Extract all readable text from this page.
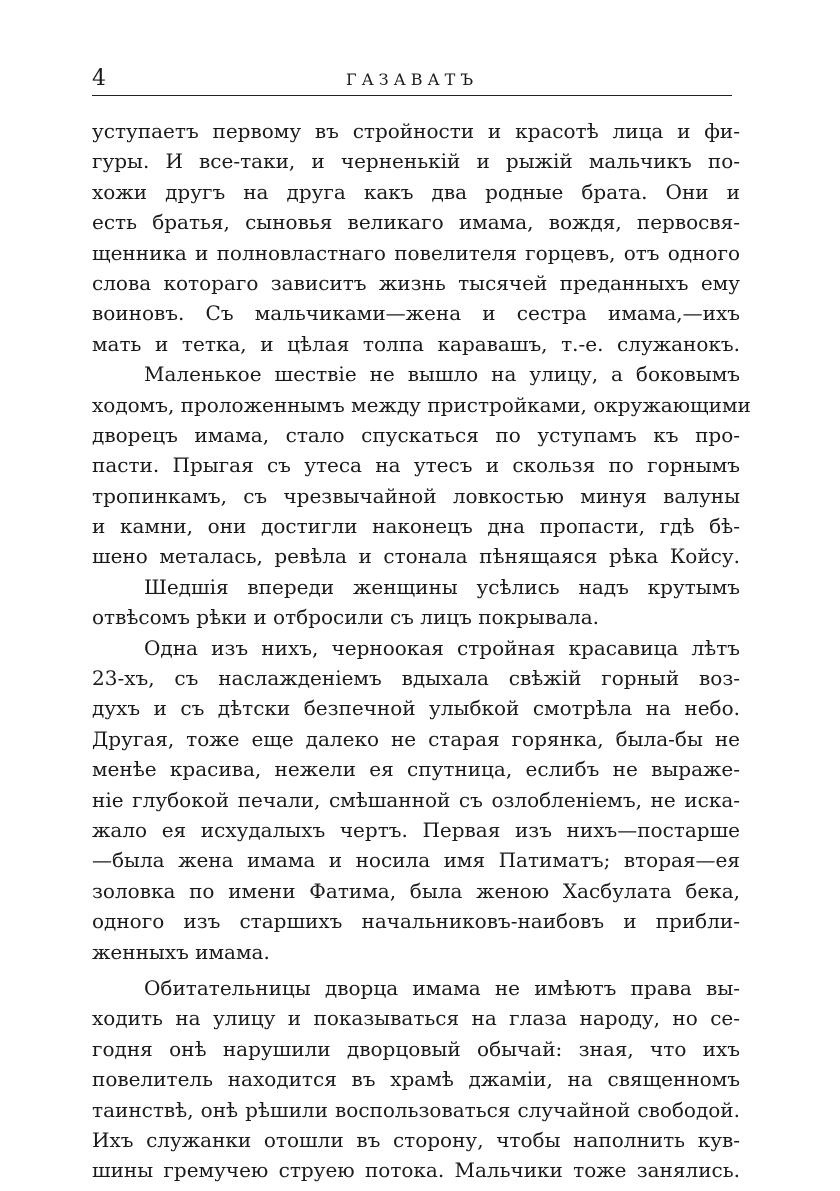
4	ГАЗАВАТЪ
уступаетъ первому въ стройности и красотѣ лица и фи-
гуры. И все-таки, и черненькій и рыжій мальчикъ по-
хожи другъ на друга какъ два родные брата. Они и
есть братья, сыновья великаго имама, вождя, первосвя-
щенника и полновластнаго повелителя горцевъ, отъ одного
слова котораго зависитъ жизнь тысячей преданныхъ ему
воиновъ. Съ мальчиками—жена и сестра имама,—ихъ
мать и тетка, и цѣлая толпа каравашъ, т.-е. служанокъ.
Маленькое шествіе не вышло на улицу, а боковымъ
ходомъ, проложеннымъ между пристройками, окружающими
дворецъ имама, стало спускаться по уступамъ къ про-
пасти. Прыгая съ утеса на утесъ и скользя по горнымъ
тропинкамъ, съ чрезвычайной ловкостью минуя валуны
и камни, они достигли наконецъ дна пропасти, гдѣ бѣ-
шено металась, ревѣла и стонала пѣнящаяся рѣка Койсу.
Шедшія впереди женщины усѣлись надъ крутымъ
отвѣсомъ рѣки и отбросили съ лицъ покрывала.
Одна изъ нихъ, черноокая стройная красавица лѣтъ
23-хъ, съ наслажденіемъ вдыхала свѣжій горный воз-
духъ и съ дѣтски безпечной улыбкой смотрѣла на небо.
Другая, тоже еще далеко не старая горянка, была-бы не
менѣе красива, нежели ея спутница, еслибъ не выраже-
ніе глубокой печали, смѣшанной съ озлобленіемъ, не иска-
жало ея исхудалыхъ чертъ. Первая изъ нихъ—постарше
—была жена имама и носила имя Патиматъ; вторая—ея
золовка по имени Фатима, была женою Хасбулата бека,
одного изъ старшихъ начальниковъ-наибовъ и прибли-
женныхъ имама.
Обитательницы дворца имама не имѣютъ права вы-
ходить на улицу и показываться на глаза народу, но се-
годня онѣ нарушили дворцовый обычай: зная, что ихъ
повелитель находится въ храмѣ джаміи, на священномъ
таинствѣ, онѣ рѣшили воспользоваться случайной свободой.
Ихъ служанки отошли въ сторону, чтобы наполнить кув-
шины гремучею струею потока. Мальчики тоже занялись.
